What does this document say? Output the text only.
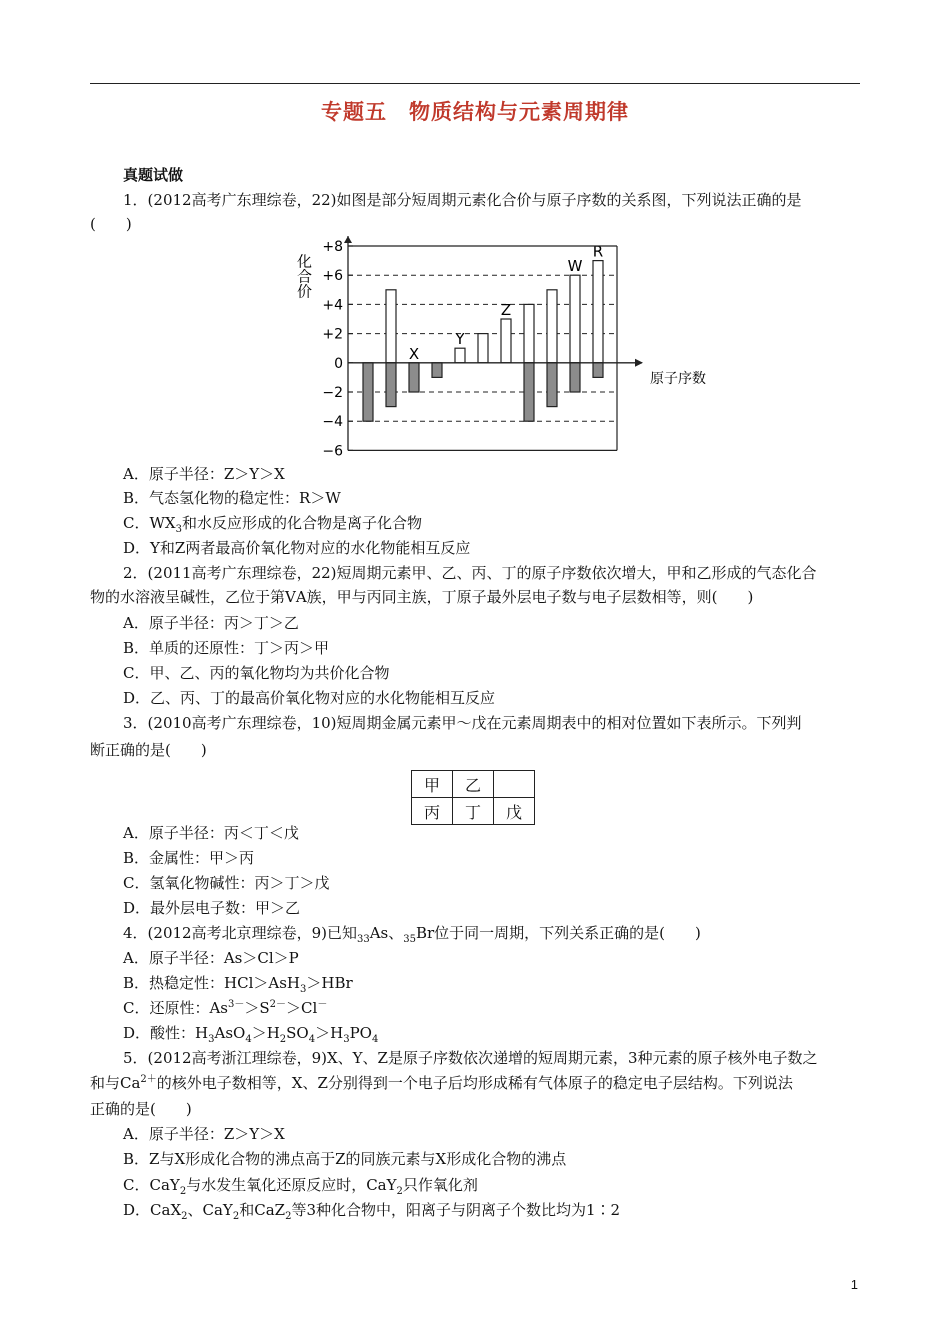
专题五 物质结构与元素周期律
真题试做
1．(2012高考广东理综卷，22)如图是部分短周期元素化合价与原子序数的关系图，下列说法正确的是
(　　)
X
Y
Z
W
R
+8
+6
+4
+2
0
−2
−4
−6
化合价
原子序数
A．原子半径：Z＞Y＞X
B．气态氢化物的稳定性：R＞W
C．$WX_3$和水反应形成的化合物是离子化合物
D．Y和Z两者最高价氧化物对应的水化物能相互反应
2．(2011高考广东理综卷，22)短周期元素甲、乙、丙、丁的原子序数依次增大，甲和乙形成的气态化合
物的水溶液呈碱性，乙位于第ⅤA族，甲与丙同主族，丁原子最外层电子数与电子层数相等，则(　　)
A．原子半径：丙＞丁＞乙
B．单质的还原性：丁＞丙＞甲
C．甲、乙、丙的氧化物均为共价化合物
D．乙、丙、丁的最高价氧化物对应的水化物能相互反应
3．(2010高考广东理综卷，10)短周期金属元素甲～戊在元素周期表中的相对位置如下表所示。下列判
断正确的是(　　)
甲	乙	
丙	丁	戊
A．原子半径：丙＜丁＜戊
B．金属性：甲＞丙
C．氢氧化物碱性：丙＞丁＞戊
D．最外层电子数：甲＞乙
4．(2012高考北京理综卷，9)已知$_{33}$As、$_{35}$Br位于同一周期，下列关系正确的是(　　)
A．原子半径：As＞Cl＞P
B．热稳定性：HCl＞AsH$_3$＞HBr
C．还原性：$As^{3-}>S^{2-}>Cl^-$
D．酸性：$H_3AsO_4>H_2SO_4>H_3PO_4$
5．(2012高考浙江理综卷，9)X、Y、Z是原子序数依次递增的短周期元素，3种元素的原子核外电子数之
和与$Ca^{2+}$的核外电子数相等，X、Z分别得到一个电子后均形成稀有气体原子的稳定电子层结构。下列说法
正确的是(　　)
A．原子半径：Z＞Y＞X
B．Z与X形成化合物的沸点高于Z的同族元素与X形成化合物的沸点
C．CaY$_2$与水发生氧化还原反应时，CaY$_2$只作氧化剂
D．CaX$_2$、CaY$_2$和CaZ$_2$等3种化合物中，阳离子与阴离子个数比均为1∶2
1
